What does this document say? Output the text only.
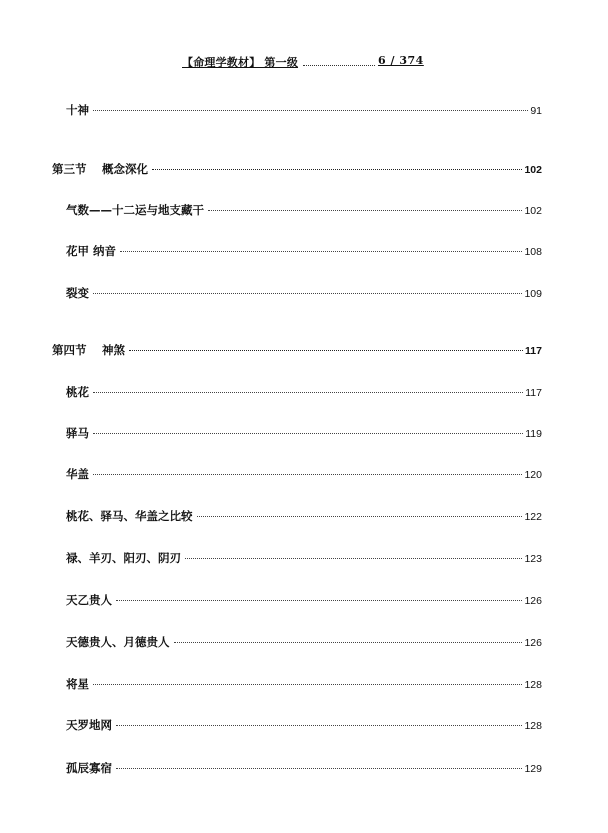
【命理学教材】 第一级	6 / 374
十神	91
第三节　 概念深化	102
气数——十二运与地支藏干	102
花甲 纳音	108
裂变	109
第四节　 神煞	117
桃花	117
驿马	119
华盖	120
桃花、驿马、华盖之比较	122
禄、羊刃、阳刃、阴刃	123
天乙贵人	126
天德贵人、月德贵人	126
将星	128
天罗地网	128
孤辰寡宿	129
